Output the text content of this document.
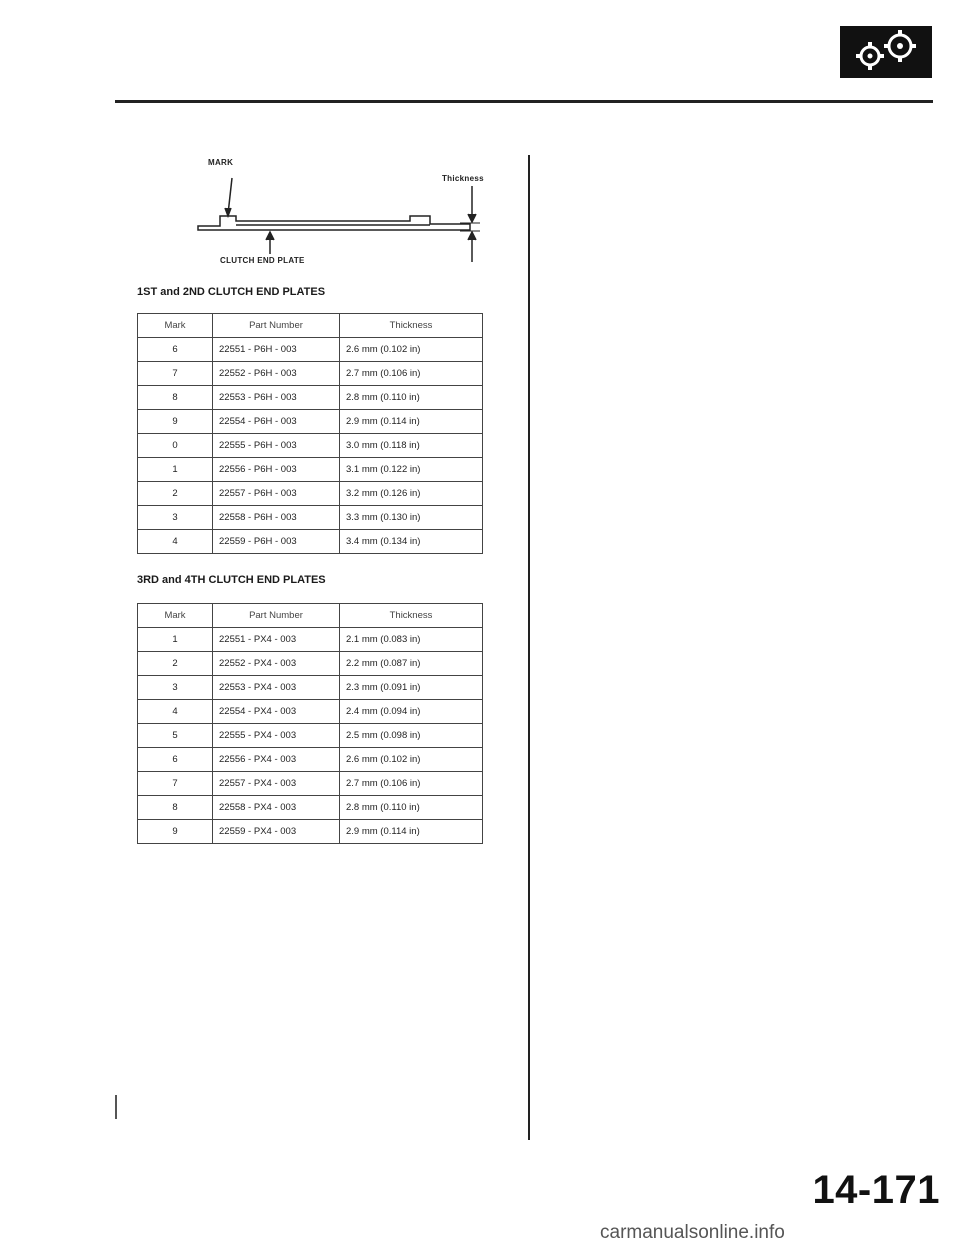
MARK
Thickness
CLUTCH END PLATE
1ST and 2ND CLUTCH END PLATES
Mark	Part Number	Thickness
6	22551 - P6H - 003	2.6 mm (0.102 in)
7	22552 - P6H - 003	2.7 mm (0.106 in)
8	22553 - P6H - 003	2.8 mm (0.110 in)
9	22554 - P6H - 003	2.9 mm (0.114 in)
0	22555 - P6H - 003	3.0 mm (0.118 in)
1	22556 - P6H - 003	3.1 mm (0.122 in)
2	22557 - P6H - 003	3.2 mm (0.126 in)
3	22558 - P6H - 003	3.3 mm (0.130 in)
4	22559 - P6H - 003	3.4 mm (0.134 in)
3RD and 4TH CLUTCH END PLATES
Mark	Part Number	Thickness
1	22551 - PX4 - 003	2.1 mm (0.083 in)
2	22552 - PX4 - 003	2.2 mm (0.087 in)
3	22553 - PX4 - 003	2.3 mm (0.091 in)
4	22554 - PX4 - 003	2.4 mm (0.094 in)
5	22555 - PX4 - 003	2.5 mm (0.098 in)
6	22556 - PX4 - 003	2.6 mm (0.102 in)
7	22557 - PX4 - 003	2.7 mm (0.106 in)
8	22558 - PX4 - 003	2.8 mm (0.110 in)
9	22559 - PX4 - 003	2.9 mm (0.114 in)
14-171
carmanualsonline.info
